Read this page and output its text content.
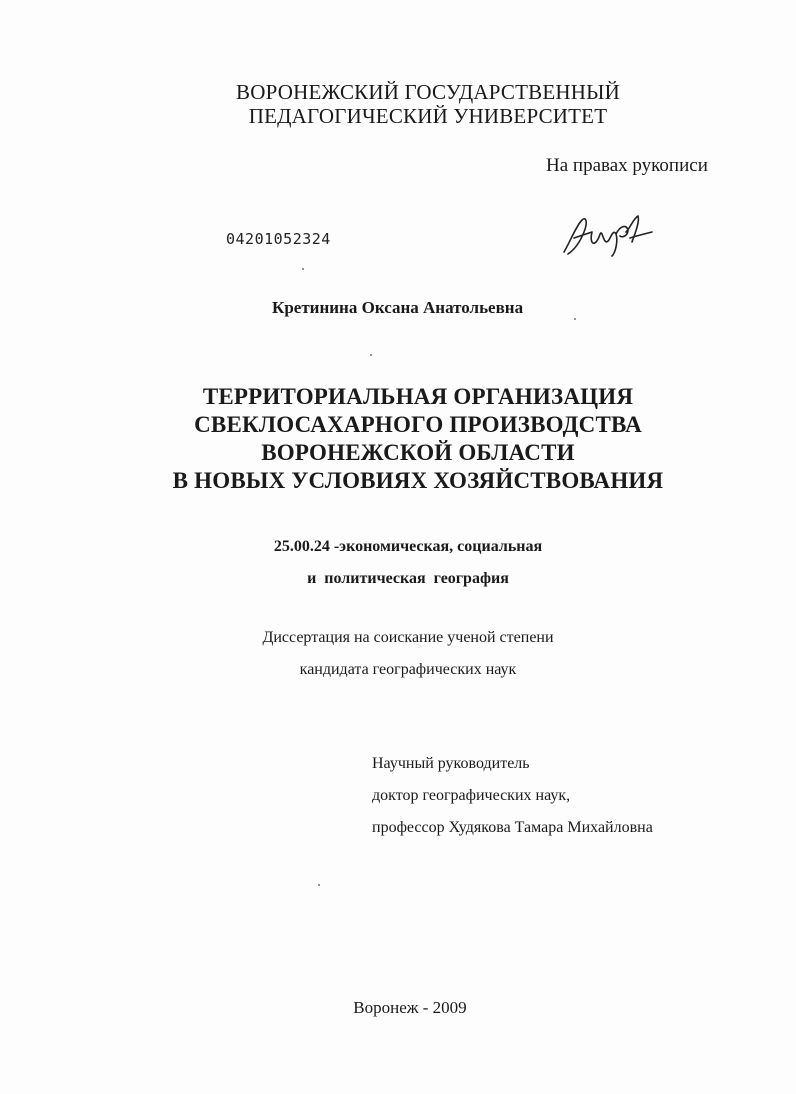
ВОРОНЕЖСКИЙ ГОСУДАРСТВЕННЫЙ
ПЕДАГОГИЧЕСКИЙ УНИВЕРСИТЕТ
На правах рукописи
04201052324
Кретинина Оксана Анатольевна
ТЕРРИТОРИАЛЬНАЯ ОРГАНИЗАЦИЯ
СВЕКЛОСАХАРНОГО ПРОИЗВОДСТВА
ВОРОНЕЖСКОЙ ОБЛАСТИ
В НОВЫХ УСЛОВИЯХ ХОЗЯЙСТВОВАНИЯ
25.00.24 -экономическая, социальная
и  политическая  география
Диссертация на соискание ученой степени
кандидата географических наук
Научный руководитель
доктор географических наук,
профессор Худякова Тамара Михайловна
Воронеж - 2009
